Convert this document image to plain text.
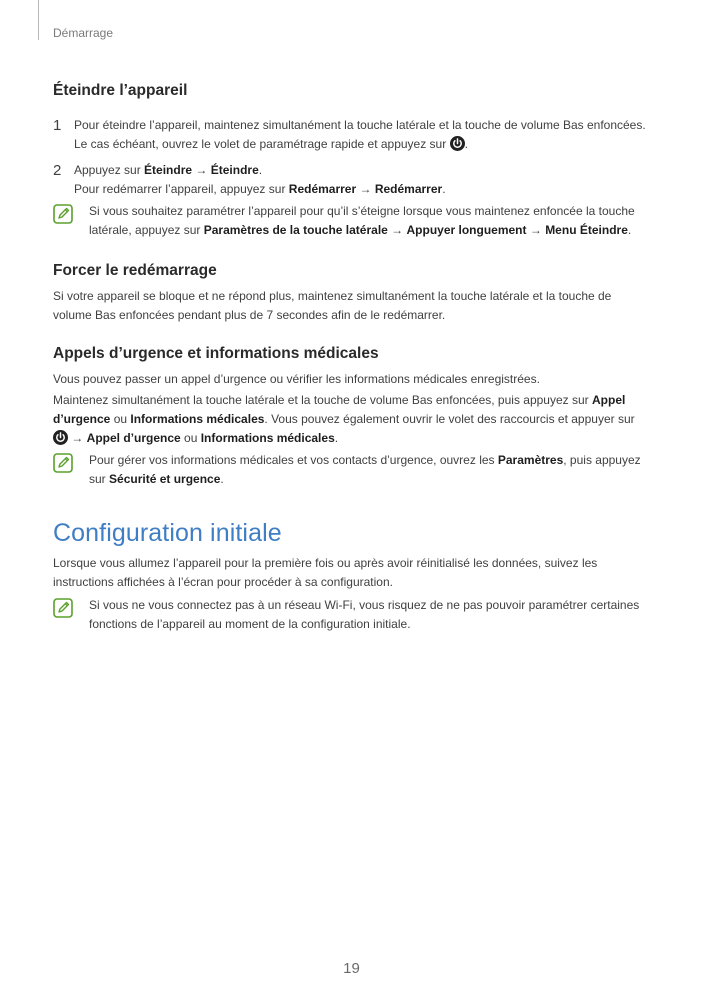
Démarrage
Éteindre l’appareil
1	Pour éteindre l’appareil, maintenez simultanément la touche latérale et la touche de volume Bas enfoncées. Le cas échéant, ouvrez le volet de paramétrage rapide et appuyez sur .
2	Appuyez sur Éteindre → Éteindre.
Pour redémarrer l’appareil, appuyez sur Redémarrer → Redémarrer.
Si vous souhaitez paramétrer l’appareil pour qu’il s’éteigne lorsque vous maintenez enfoncée la touche latérale, appuyez sur Paramètres de la touche latérale → Appuyer longuement → Menu Éteindre.
Forcer le redémarrage

Si votre appareil se bloque et ne répond plus, maintenez simultanément la touche latérale et la touche de volume Bas enfoncées pendant plus de 7 secondes afin de le redémarrer.

Appels d’urgence et informations médicales

Vous pouvez passer un appel d’urgence ou vérifier les informations médicales enregistrées.

Maintenez simultanément la touche latérale et la touche de volume Bas enfoncées, puis appuyez sur Appel d’urgence ou Informations médicales. Vous pouvez également ouvrir le volet des raccourcis et appuyer sur  → Appel d’urgence ou Informations médicales.

Pour gérer vos informations médicales et vos contacts d’urgence, ouvrez les Paramètres, puis appuyez sur Sécurité et urgence.
Configuration initiale

Lorsque vous allumez l’appareil pour la première fois ou après avoir réinitialisé les données, suivez les instructions affichées à l’écran pour procéder à sa configuration.

Si vous ne vous connectez pas à un réseau Wi-Fi, vous risquez de ne pas pouvoir paramétrer certaines fonctions de l’appareil au moment de la configuration initiale.
19
